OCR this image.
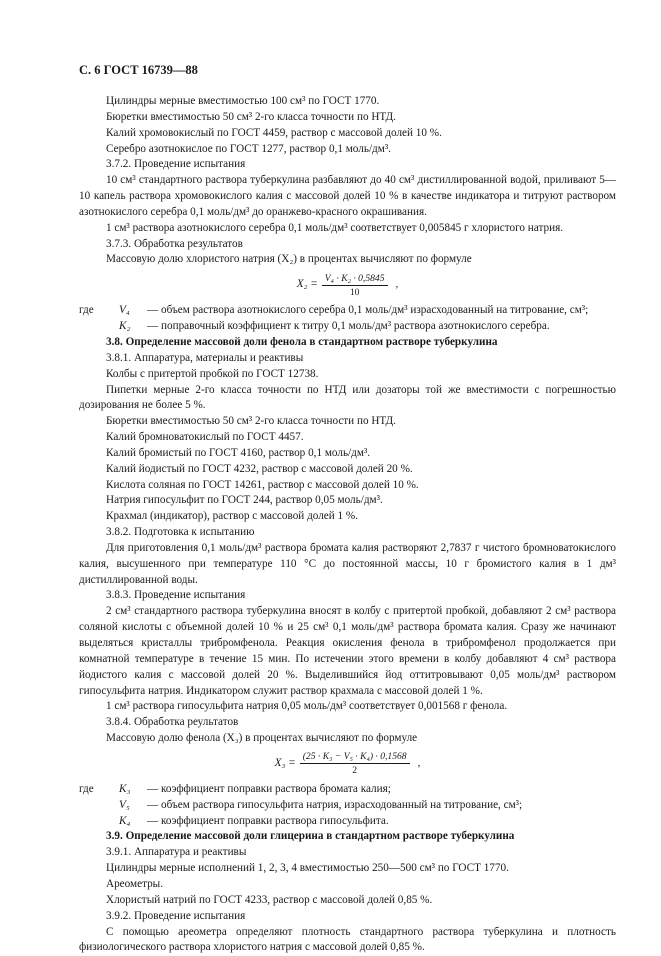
С. 6 ГОСТ 16739—88

Цилиндры мерные вместимостью 100 см³ по ГОСТ 1770.

Бюретки вместимостью 50 см³ 2-го класса точности по НТД.

Калий хромовокислый по ГОСТ 4459, раствор с массовой долей 10 %.

Серебро азотнокислое по ГОСТ 1277, раствор 0,1 моль/дм³.

3.7.2. Проведение испытания

10 см³ стандартного раствора туберкулина разбавляют до 40 см³ дистиллированной водой, приливают 5—10 капель раствора хромовокислого калия с массовой долей 10 % в качестве индикатора и титруют раствором азотнокислого серебра 0,1 моль/дм³ до оранжево-красного окрашивания.

1 см³ раствора азотнокислого серебра 0,1 моль/дм³ соответствует 0,005845 г хлористого натрия.

3.7.3. Обработка результатов

Массовую долю хлористого натрия (X₂) в процентах вычисляют по формуле

$X_2 = \frac{\text{V₄ · K₂ · 0,5845}}{10}$ ,
где	V₄	— объем раствора азотнокислого серебра 0,1 моль/дм³ израсходованный на титрование, см³;
K₂	— поправочный коэффициент к титру 0,1 моль/дм³ раствора азотнокислого серебра.

3.8. Определение массовой доли фенола в стандартном растворе туберкулина

3.8.1. Аппаратура, материалы и реактивы

Колбы с притертой пробкой по ГОСТ 12738.

Пипетки мерные 2-го класса точности по НТД или дозаторы той же вместимости с погрешностью дозирования не более 5 %.

Бюретки вместимостью 50 см³ 2-го класса точности по НТД.

Калий бромноватокислый по ГОСТ 4457.

Калий бромистый по ГОСТ 4160, раствор 0,1 моль/дм³.

Калий йодистый по ГОСТ 4232, раствор с массовой долей 20 %.

Кислота соляная по ГОСТ 14261, раствор с массовой долей 10 %.

Натрия гипосульфит по ГОСТ 244, раствор 0,05 моль/дм³.

Крахмал (индикатор), раствор с массовой долей 1 %.

3.8.2. Подготовка к испытанию

Для приготовления 0,1 моль/дм³ раствора бромата калия растворяют 2,7837 г чистого бромноватокислого калия, высушенного при температуре 110 °С до постоянной массы, 10 г бромистого калия в 1 дм³ дистиллированной воды.

3.8.3. Проведение испытания

2 см³ стандартного раствора туберкулина вносят в колбу с притертой пробкой, добавляют 2 см³ раствора соляной кислоты с объемной долей 10 % и 25 см³ 0,1 моль/дм³ раствора бромата калия. Сразу же начинают выделяться кристаллы трибромфенола. Реакция окисления фенола в трибромфенол продолжается при комнатной температуре в течение 15 мин. По истечении этого времени в колбу добавляют 4 см³ раствора йодистого калия с массовой долей 20 %. Выделившийся йод оттитровывают 0,05 моль/дм³ раствором гипосульфита натрия. Индикатором служит раствор крахмала с массовой долей 1 %.

1 см³ раствора гипосульфита натрия 0,05 моль/дм³ соответствует 0,001568 г фенола.

3.8.4. Обработка реультатов

Массовую долю фенола (X₃) в процентах вычисляют по формуле

$X_3 = \frac{\text{(25 · K₃ − V₅ · K₄) · 0,1568}}{2}$ ,
где	K₃	— коэффициент поправки раствора бромата калия;
V₅	— объем раствора гипосульфита натрия, израсходованный на титрование, см³;
K₄	— коэффициент поправки раствора гипосульфита.

3.9. Определение массовой доли глицерина в стандартном растворе туберкулина

3.9.1. Аппаратура и реактивы

Цилиндры мерные исполнений 1, 2, 3, 4 вместимостью 250—500 см³ по ГОСТ 1770.

Ареометры.

Хлористый натрий по ГОСТ 4233, раствор с массовой долей 0,85 %.

3.9.2. Проведение испытания

С помощью ареометра определяют плотность стандартного раствора туберкулина и плотность физиологического раствора хлористого натрия с массовой долей 0,85 %.
